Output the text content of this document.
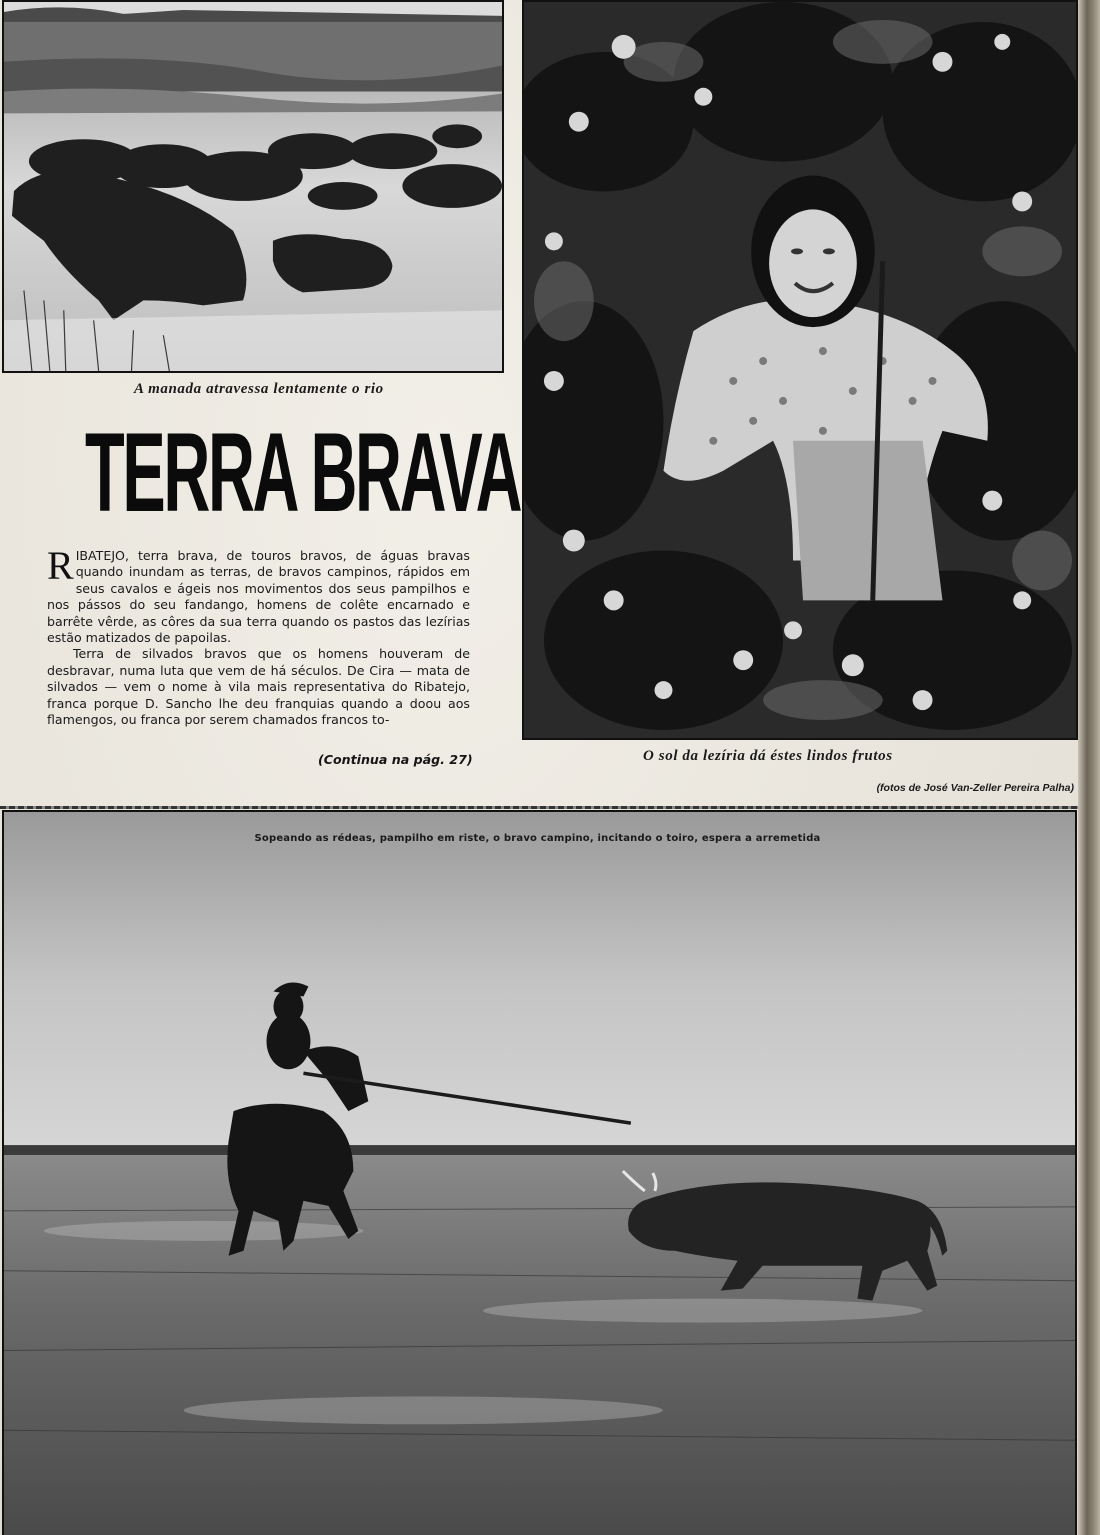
A manada atravessa lentamente o rio
O sol da lezíria dá éstes lindos frutos
(fotos de José Van-Zeller Pereira Palha)
TERRA BRAVA

RIBATEJO, terra brava, de touros bravos, de águas bravas quando inundam as terras, de bravos campinos, rápidos em seus cavalos e ágeis nos movimentos dos seus pampilhos e nos pássos do seu fandango, homens de colête encarnado e barrête vêrde, as côres da sua terra quando os pastos das lezírias estão matizados de papoilas.

Terra de silvados bravos que os homens houveram de desbravar, numa luta que vem de há séculos. De Cira — mata de silvados — vem o nome à vila mais representativa do Ribatejo, franca porque D. Sancho lhe deu franquias quando a doou aos flamengos, ou franca por serem chamados francos to-

(Continua na pág. 27)
Sopeando as rédeas, pampilho em riste, o bravo campino, incitando o toiro, espera a arremetida
